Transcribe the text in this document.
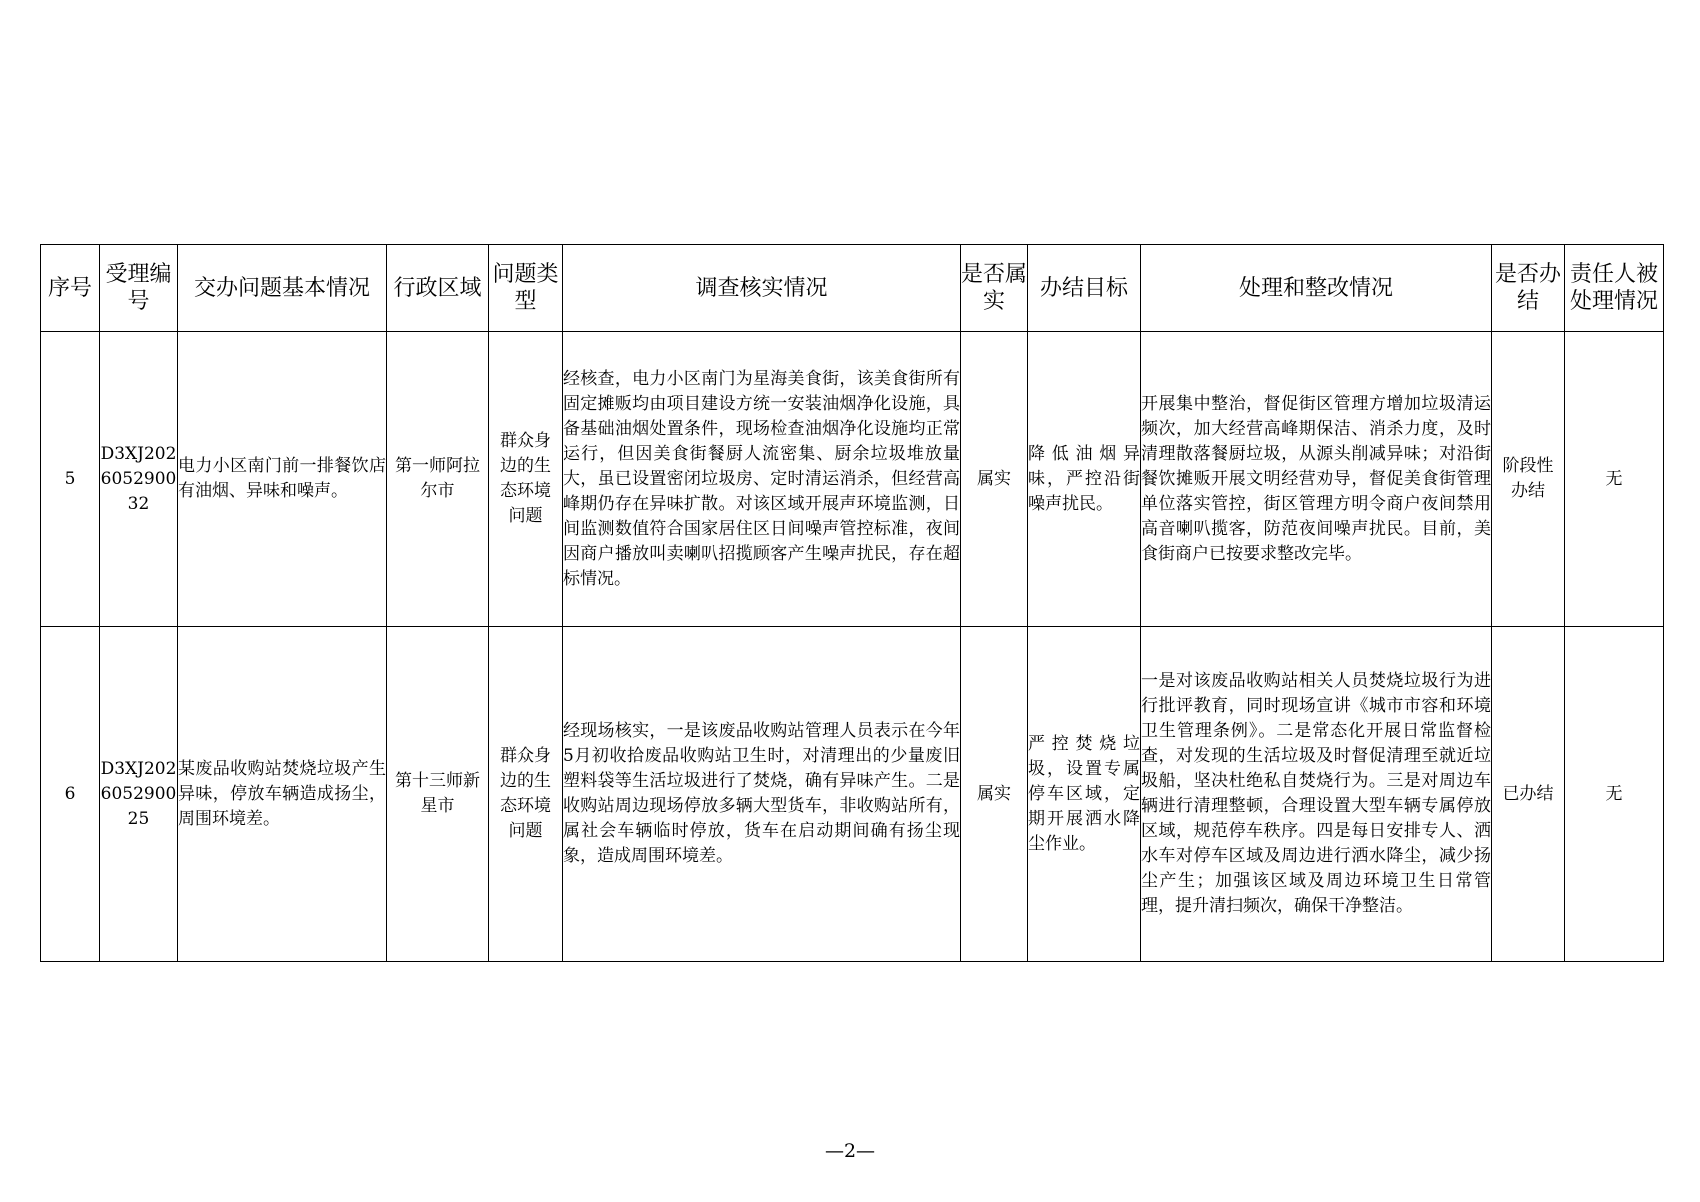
序号	受理编号	交办问题基本情况	行政区域	问题类型	调查核实情况	是否属实	办结目标	处理和整改情况	是否办结	责任人被处理情况
5	D3XJ202605290032	电力小区南门前一排餐饮店有油烟、异味和噪声。	第一师阿拉尔市	群众身边的生态环境问题	经核查，电力小区南门为星海美食街，该美食街所有固定摊贩均由项目建设方统一安装油烟净化设施，具备基础油烟处置条件，现场检查油烟净化设施均正常运行，但因美食街餐厨人流密集、厨余垃圾堆放量大，虽已设置密闭垃圾房、定时清运消杀，但经营高峰期仍存在异味扩散。对该区域开展声环境监测，日间监测数值符合国家居住区日间噪声管控标准，夜间因商户播放叫卖喇叭招揽顾客产生噪声扰民，存在超标情况。	属实	降低油烟异味，严控沿街噪声扰民。	开展集中整治，督促街区管理方增加垃圾清运频次，加大经营高峰期保洁、消杀力度，及时清理散落餐厨垃圾，从源头削减异味；对沿街餐饮摊贩开展文明经营劝导，督促美食街管理单位落实管控，街区管理方明令商户夜间禁用高音喇叭揽客，防范夜间噪声扰民。目前，美食街商户已按要求整改完毕。	阶段性办结	无
6	D3XJ202605290025	某废品收购站焚烧垃圾产生异味，停放车辆造成扬尘，周围环境差。	第十三师新星市	群众身边的生态环境问题	经现场核实，一是该废品收购站管理人员表示在今年5月初收拾废品收购站卫生时，对清理出的少量废旧塑料袋等生活垃圾进行了焚烧，确有异味产生。二是收购站周边现场停放多辆大型货车，非收购站所有，属社会车辆临时停放，货车在启动期间确有扬尘现象，造成周围环境差。	属实	严控焚烧垃圾，设置专属停车区域，定期开展洒水降尘作业。	一是对该废品收购站相关人员焚烧垃圾行为进行批评教育，同时现场宣讲《城市市容和环境卫生管理条例》。二是常态化开展日常监督检查，对发现的生活垃圾及时督促清理至就近垃圾船，坚决杜绝私自焚烧行为。三是对周边车辆进行清理整顿，合理设置大型车辆专属停放区域，规范停车秩序。四是每日安排专人、洒水车对停车区域及周边进行洒水降尘，减少扬尘产生；加强该区域及周边环境卫生日常管理，提升清扫频次，确保干净整洁。	已办结	无
—2—
